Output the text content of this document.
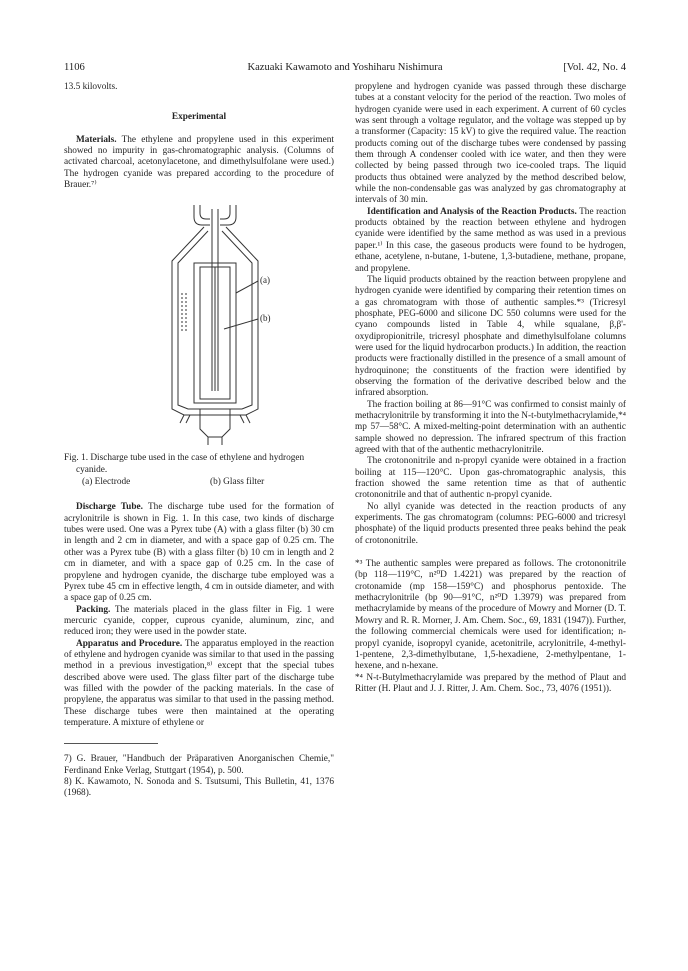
1106	Kazuaki Kawamoto and Yoshiharu Nishimura	[Vol. 42, No. 4

13.5 kilovolts.

Experimental

Materials. The ethylene and propylene used in this experiment showed no impurity in gas-chromatographic analysis. (Columns of activated charcoal, acetonylacetone, and dimethylsulfolane were used.) The hydrogen cyanide was prepared according to the procedure of Brauer.⁷⁾

(a)
(b)

Fig. 1. Discharge tube used in the case of ethylene and hydrogen cyanide.

(a) Electrode	(b) Glass filter

Discharge Tube. The discharge tube used for the formation of acrylonitrile is shown in Fig. 1. In this case, two kinds of discharge tubes were used. One was a Pyrex tube (A) with a glass filter (b) 30 cm in length and 2 cm in diameter, and with a space gap of 0.25 cm. The other was a Pyrex tube (B) with a glass filter (b) 10 cm in length and 2 cm in diameter, and with a space gap of 0.25 cm. In the case of propylene and hydrogen cyanide, the discharge tube employed was a Pyrex tube 45 cm in effective length, 4 cm in outside diameter, and with a space gap of 0.25 cm.

Packing. The materials placed in the glass filter in Fig. 1 were mercuric cyanide, copper, cuprous cyanide, aluminum, zinc, and reduced iron; they were used in the powder state.

Apparatus and Procedure. The apparatus employed in the reaction of ethylene and hydrogen cyanide was similar to that used in the passing method in a previous investigation,⁸⁾ except that the special tubes described above were used. The glass filter part of the discharge tube was filled with the powder of the packing materials. In the case of propylene, the apparatus was similar to that used in the passing method. These discharge tubes were then maintained at the operating temperature. A mixture of ethylene or

7) G. Brauer, "Handbuch der Präparativen Anorganischen Chemie," Ferdinand Enke Verlag, Stuttgart (1954), p. 500.

8) K. Kawamoto, N. Sonoda and S. Tsutsumi, This Bulletin, 41, 1376 (1968).

propylene and hydrogen cyanide was passed through these discharge tubes at a constant velocity for the period of the reaction. Two moles of hydrogen cyanide were used in each experiment. A current of 60 cycles was sent through a voltage regulator, and the voltage was stepped up by a transformer (Capacity: 15 kV) to give the required value. The reaction products coming out of the discharge tubes were condensed by passing them through A condenser cooled with ice water, and then they were collected by being passed through two ice-cooled traps. The liquid products thus obtained were analyzed by the method described below, while the non-condensable gas was analyzed by gas chromatography at intervals of 30 min.

Identification and Analysis of the Reaction Products. The reaction products obtained by the reaction between ethylene and hydrogen cyanide were identified by the same method as was used in a previous paper.¹⁾ In this case, the gaseous products were found to be hydrogen, ethane, acetylene, n-butane, 1-butene, 1,3-butadiene, methane, propane, and propylene.

The liquid products obtained by the reaction between propylene and hydrogen cyanide were identified by comparing their retention times on a gas chromatogram with those of authentic samples.*³ (Tricresyl phosphate, PEG-6000 and silicone DC 550 columns were used for the cyano compounds listed in Table 4, while squalane, β,β'-oxydipropionitrile, tricresyl phosphate and dimethylsulfolane columns were used for the liquid hydrocarbon products.) In addition, the reaction products were fractionally distilled in the presence of a small amount of hydroquinone; the constituents of the fraction were identified by observing the formation of the derivative described below and the infrared absorption.

The fraction boiling at 86—91°C was confirmed to consist mainly of methacrylonitrile by transforming it into the N-t-butylmethacrylamide,*⁴ mp 57—58°C. A mixed-melting-point determination with an authentic sample showed no depression. The infrared spectrum of this fraction agreed with that of the authentic methacrylonitrile.

The crotononitrile and n-propyl cyanide were obtained in a fraction boiling at 115—120°C. Upon gas-chromatographic analysis, this fraction showed the same retention time as that of authentic crotononitrile and that of authentic n-propyl cyanide.

No allyl cyanide was detected in the reaction products of any experiments. The gas chromatogram (columns: PEG-6000 and tricresyl phosphate) of the liquid products presented three peaks behind the peak of crotononitrile.

*³ The authentic samples were prepared as follows. The crotononitrile (bp 118—119°C, n²⁰D 1.4221) was prepared by the reaction of crotonamide (mp 158—159°C) and phosphorus pentoxide. The methacrylonitrile (bp 90—91°C, n²⁰D 1.3979) was prepared from methacrylamide by means of the procedure of Mowry and Morner (D. T. Mowry and R. R. Morner, J. Am. Chem. Soc., 69, 1831 (1947)). Further, the following commercial chemicals were used for identification; n-propyl cyanide, isopropyl cyanide, acetonitrile, acrylonitrile, 4-methyl-1-pentene, 2,3-dimethylbutane, 1,5-hexadiene, 2-methylpentane, 1-hexene, and n-hexane.

*⁴ N-t-Butylmethacrylamide was prepared by the method of Plaut and Ritter (H. Plaut and J. J. Ritter, J. Am. Chem. Soc., 73, 4076 (1951)).
